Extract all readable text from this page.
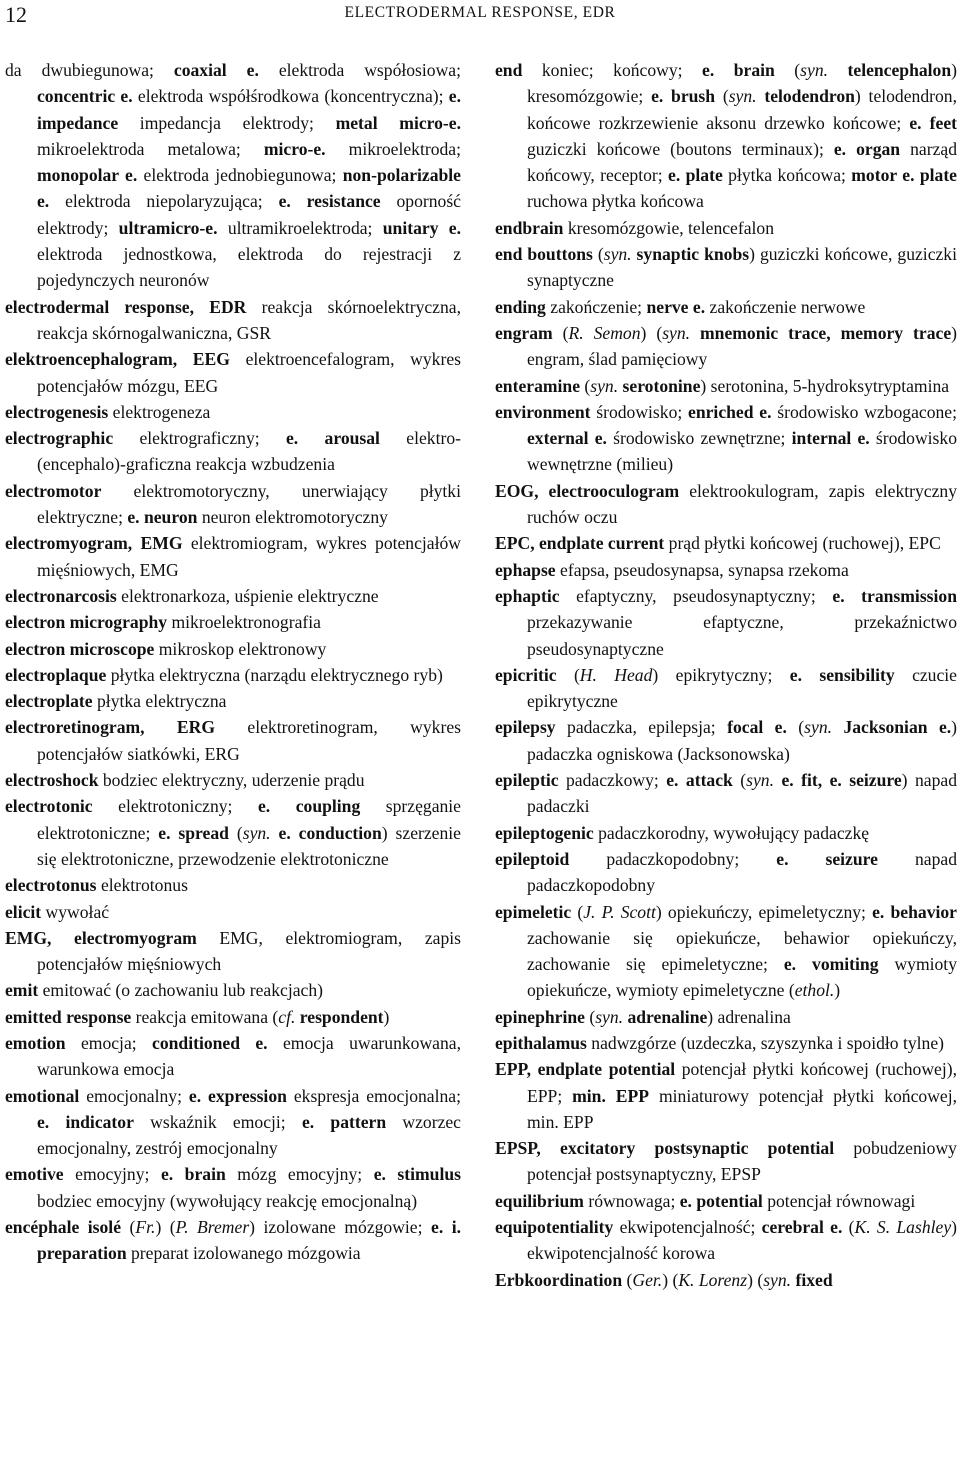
12	ELECTRODERMAL RESPONSE, EDR

da dwubiegunowa; coaxial e. elektroda współosiowa; concentric e. elektroda współśrodkowa (koncentryczna); e. impedance impedancja elektrody; metal micro-e. mikroelektroda metalowa; micro-e. mikroelektroda; monopolar e. elektroda jednobiegunowa; non-polarizable e. elektroda niepolaryzująca; e. resistance oporność elektrody; ultramicro-e. ultramikroelektroda; unitary e. elektroda jednostkowa, elektroda do rejestracji z pojedynczych neuronów

electrodermal response, EDR reakcja skórnoelektryczna, reakcja skórnogalwaniczna, GSR

elektroencephalogram, EEG elektroencefalogram, wykres potencjałów mózgu, EEG

electrogenesis elektrogeneza

electrographic elektrograficzny; e. arousal elektro-(encephalo)-graficzna reakcja wzbudzenia

electromotor elektromotoryczny, unerwiający płytki elektryczne; e. neuron neuron elektromotoryczny

electromyogram, EMG elektromiogram, wykres potencjałów mięśniowych, EMG

electronarcosis elektronarkoza, uśpienie elektryczne

electron micrography mikroelektronografia

electron microscope mikroskop elektronowy

electroplaque płytka elektryczna (narządu elektrycznego ryb)

electroplate płytka elektryczna

electroretinogram, ERG elektroretinogram, wykres potencjałów siatkówki, ERG

electroshock bodziec elektryczny, uderzenie prądu

electrotonic elektrotoniczny; e. coupling sprzęganie elektrotoniczne; e. spread (syn. e. conduction) szerzenie się elektrotoniczne, przewodzenie elektrotoniczne

electrotonus elektrotonus

elicit wywołać

EMG, electromyogram EMG, elektromiogram, zapis potencjałów mięśniowych

emit emitować (o zachowaniu lub reakcjach)

emitted response reakcja emitowana (cf. respondent)

emotion emocja; conditioned e. emocja uwarunkowana, warunkowa emocja

emotional emocjonalny; e. expression ekspresja emocjonalna; e. indicator wskaźnik emocji; e. pattern wzorzec emocjonalny, zestrój emocjonalny

emotive emocyjny; e. brain mózg emocyjny; e. stimulus bodziec emocyjny (wywołujący reakcję emocjonalną)

encéphale isolé (Fr.) (P. Bremer) izolowane mózgowie; e. i. preparation preparat izolowanego mózgowia

end koniec; końcowy; e. brain (syn. telencephalon) kresomózgowie; e. brush (syn. telodendron) telodendron, końcowe rozkrzewienie aksonu drzewko końcowe; e. feet guziczki końcowe (boutons terminaux); e. organ narząd końcowy, receptor; e. plate płytka końcowa; motor e. plate ruchowa płytka końcowa

endbrain kresomózgowie, telencefalon

end bouttons (syn. synaptic knobs) guziczki końcowe, guziczki synaptyczne

ending zakończenie; nerve e. zakończenie nerwowe

engram (R. Semon) (syn. mnemonic trace, memory trace) engram, ślad pamięciowy

enteramine (syn. serotonine) serotonina, 5-hydroksytryptamina

environment środowisko; enriched e. środowisko wzbogacone; external e. środowisko zewnętrzne; internal e. środowisko wewnętrzne (milieu)

EOG, electrooculogram elektrookulogram, zapis elektryczny ruchów oczu

EPC, endplate current prąd płytki końcowej (ruchowej), EPC

ephapse efapsa, pseudosynapsa, synapsa rzekoma

ephaptic efaptyczny, pseudosynaptyczny; e. transmission przekazywanie efaptyczne, przekaźnictwo pseudosynaptyczne

epicritic (H. Head) epikrytyczny; e. sensibility czucie epikrytyczne

epilepsy padaczka, epilepsja; focal e. (syn. Jacksonian e.) padaczka ogniskowa (Jacksonowska)

epileptic padaczkowy; e. attack (syn. e. fit, e. seizure) napad padaczki

epileptogenic padaczkorodny, wywołujący padaczkę

epileptoid padaczkopodobny; e. seizure napad padaczkopodobny

epimeletic (J. P. Scott) opiekuńczy, epimeletyczny; e. behavior zachowanie się opiekuńcze, behawior opiekuńczy, zachowanie się epimeletyczne; e. vomiting wymioty opiekuńcze, wymioty epimeletyczne (ethol.)

epinephrine (syn. adrenaline) adrenalina

epithalamus nadwzgórze (uzdeczka, szyszynka i spoidło tylne)

EPP, endplate potential potencjał płytki końcowej (ruchowej), EPP; min. EPP miniaturowy potencjał płytki końcowej, min. EPP

EPSP, excitatory postsynaptic potential pobudzeniowy potencjał postsynaptyczny, EPSP

equilibrium równowaga; e. potential potencjał równowagi

equipotentiality ekwipotencjalność; cerebral e. (K. S. Lashley) ekwipotencjalność korowa

Erbkoordination (Ger.) (K. Lorenz) (syn. fixed
